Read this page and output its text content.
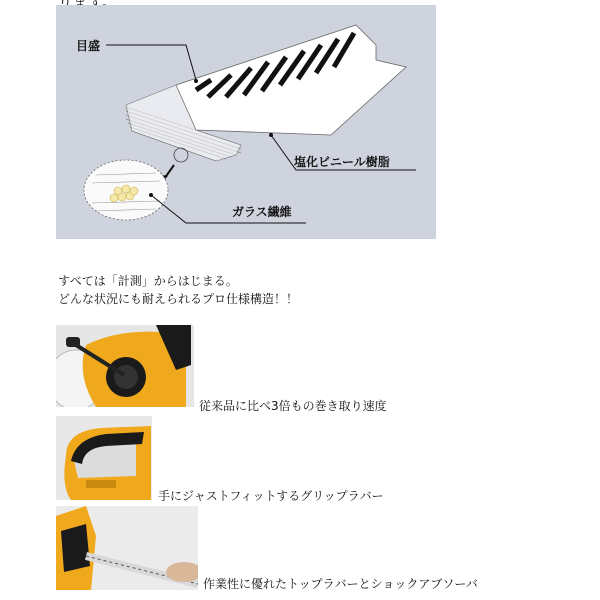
目盛
塩化ビニール樹脂
ガラス繊維
すべては「計測」からはじまる。
どんな状況にも耐えられるプロ仕様構造！！
従来品に比べ3倍もの巻き取り速度
手にジャストフィットするグリップラバー
作業性に優れたトップラバーとショックアブソーバ
